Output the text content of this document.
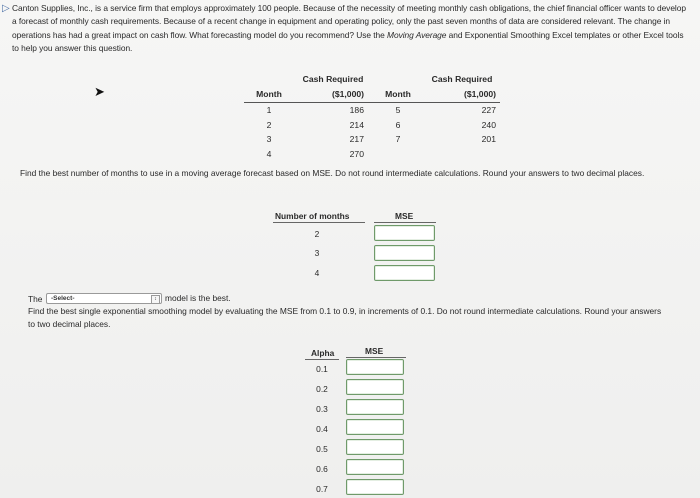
▷ Canton Supplies, Inc., is a service firm that employs approximately 100 people. Because of the necessity of meeting monthly cash obligations, the chief financial officer wants to develop a forecast of monthly cash requirements. Because of a recent change in equipment and operating policy, only the past seven months of data are considered relevant. The change in operations has had a great impact on cash flow. What forecasting model do you recommend? Use the Moving Average and Exponential Smoothing Excel templates or other Excel tools to help you answer this question.
➤
	Cash Required		Cash Required
Month	($1,000)	Month	($1,000)
1	186	5	227
2	214	6	240
3	217	7	201
4	270		
Find the best number of months to use in a moving average forecast based on MSE. Do not round intermediate calculations. Round your answers to two decimal places.
Number of months	MSE
2
3
4
The -Select-	↕ model is the best.
Find the best single exponential smoothing model by evaluating the MSE from 0.1 to 0.9, in increments of 0.1. Do not round intermediate calculations. Round your answers to two decimal places.
Alpha	MSE
0.1
0.2
0.3
0.4
0.5
0.6
0.7
